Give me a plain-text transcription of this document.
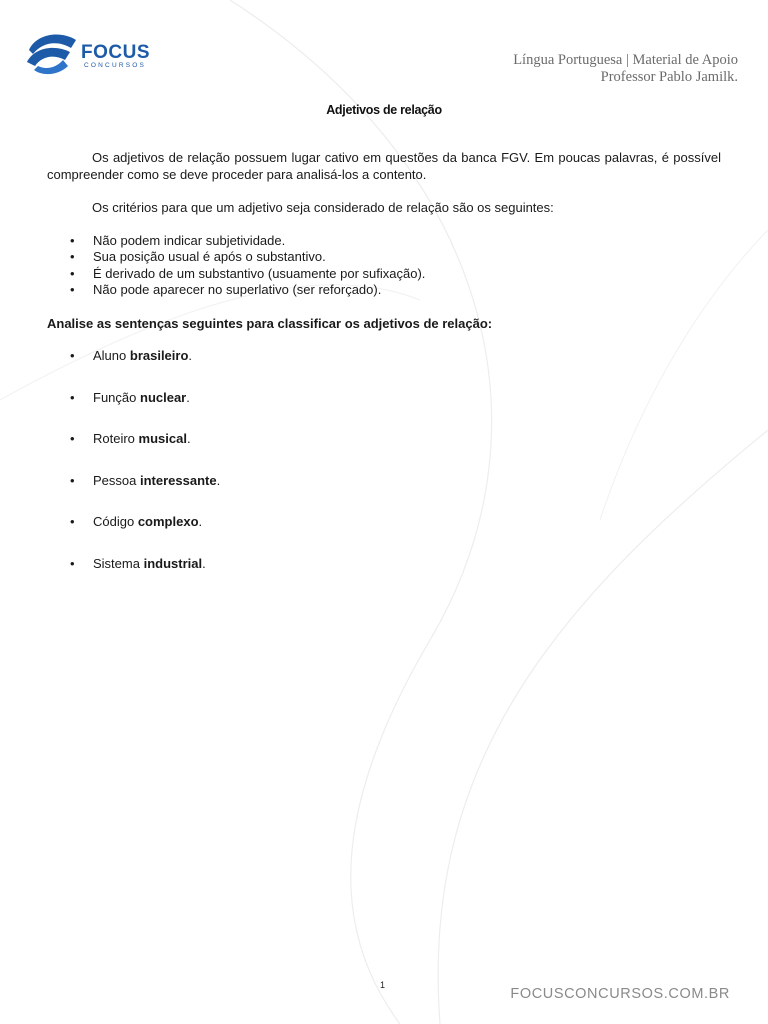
FOCUS
CONCURSOS	Língua Portuguesa | Material de Apoio
Professor Pablo Jamilk.
Adjetivos de relação

Os adjetivos de relação possuem lugar cativo em questões da banca FGV. Em poucas palavras, é possível compreender como se deve proceder para analisá-los a contento.

Os critérios para que um adjetivo seja considerado de relação são os seguintes:

• Não podem indicar subjetividade.
• Sua posição usual é após o substantivo.
• É derivado de um substantivo (usuamente por sufixação).
• Não pode aparecer no superlativo (ser reforçado).

Analise as sentenças seguintes para classificar os adjetivos de relação:

• Aluno brasileiro.
• Função nuclear.
• Roteiro musical.
• Pessoa interessante.
• Código complexo.
• Sistema industrial.
1
FOCUSCONCURSOS.COM.BR
